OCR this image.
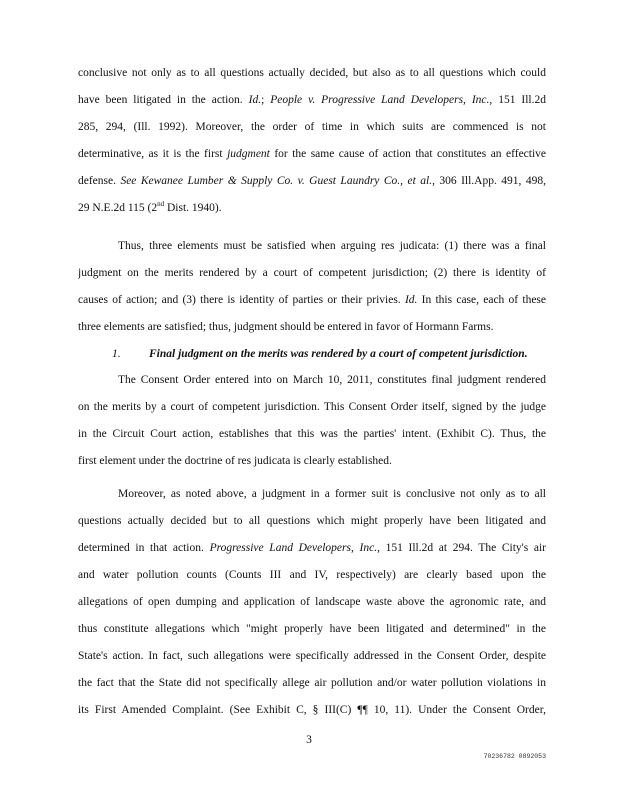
conclusive not only as to all questions actually decided, but also as to all questions which could
have been litigated in the action. Id.; People v. Progressive Land Developers, Inc., 151 Ill.2d
285, 294, (Ill. 1992). Moreover, the order of time in which suits are commenced is not
determinative, as it is the first judgment for the same cause of action that constitutes an effective
defense. See Kewanee Lumber & Supply Co. v. Guest Laundry Co., et al., 306 Ill.App. 491, 498,
29 N.E.2d 115 (2nd Dist. 1940).
Thus, three elements must be satisfied when arguing res judicata: (1) there was a final
judgment on the merits rendered by a court of competent jurisdiction; (2) there is identity of
causes of action; and (3) there is identity of parties or their privies. Id. In this case, each of these
three elements are satisfied; thus, judgment should be entered in favor of Hormann Farms.
1. Final judgment on the merits was rendered by a court of competent jurisdiction.
The Consent Order entered into on March 10, 2011, constitutes final judgment rendered
on the merits by a court of competent jurisdiction. This Consent Order itself, signed by the judge
in the Circuit Court action, establishes that this was the parties' intent. (Exhibit C). Thus, the
first element under the doctrine of res judicata is clearly established.
Moreover, as noted above, a judgment in a former suit is conclusive not only as to all
questions actually decided but to all questions which might properly have been litigated and
determined in that action. Progressive Land Developers, Inc., 151 Ill.2d at 294. The City's air
and water pollution counts (Counts III and IV, respectively) are clearly based upon the
allegations of open dumping and application of landscape waste above the agronomic rate, and
thus constitute allegations which "might properly have been litigated and determined" in the
State's action. In fact, such allegations were specifically addressed in the Consent Order, despite
the fact that the State did not specifically allege air pollution and/or water pollution violations in
its First Amended Complaint. (See Exhibit C, § III(C) ¶¶ 10, 11). Under the Consent Order,
3
70236782 0892053
